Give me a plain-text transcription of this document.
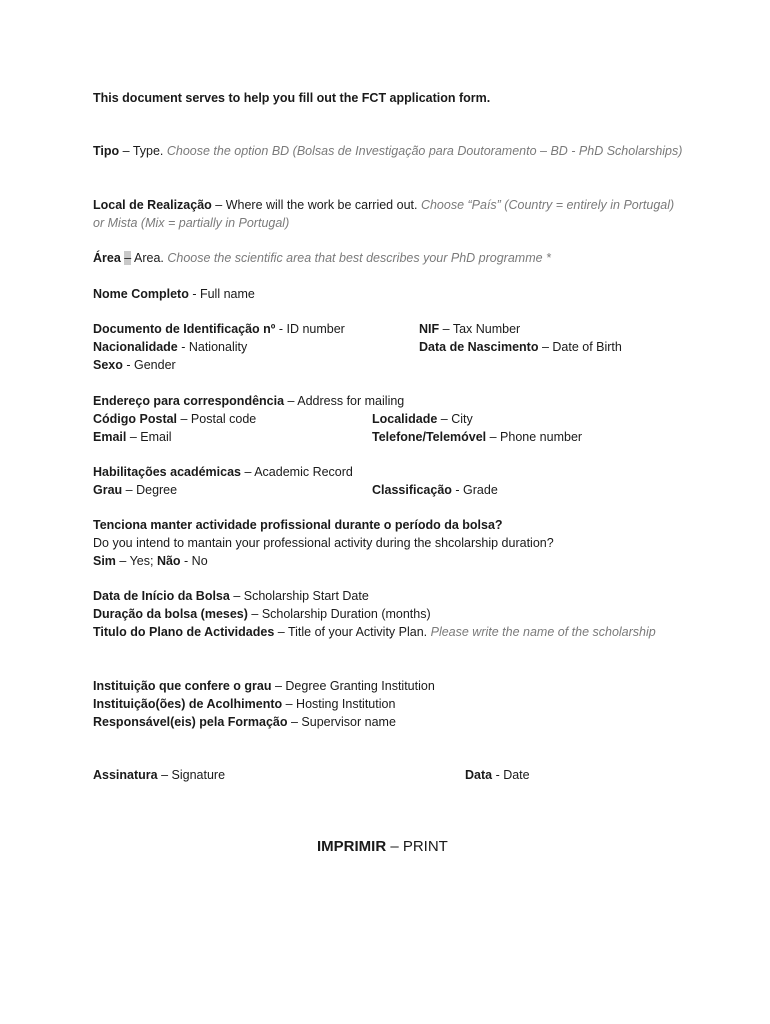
This document serves to help you fill out the FCT application form.
Tipo – Type. Choose the option BD (Bolsas de Investigação para Doutoramento – BD - PhD Scholarships)
Local de Realização – Where will the work be carried out. Choose “País” (Country = entirely in Portugal) or Mista (Mix = partially in Portugal)
Área – Area. Choose the scientific area that best describes your PhD programme *
Nome Completo - Full name
Documento de Identificação nº - ID number	NIF – Tax Number
Nacionalidade - Nationality	Data de Nascimento – Date of Birth
Sexo - Gender
Endereço para correspondência – Address for mailing
Código Postal – Postal code	Localidade – City
Email – Email	Telefone/Telemóvel – Phone number
Habilitações académicas – Academic Record
Grau – Degree	Classificação - Grade
Tenciona manter actividade profissional durante o período da bolsa?
Do you intend to mantain your professional activity during the shcolarship duration?
Sim – Yes; Não - No
Data de Início da Bolsa – Scholarship Start Date
Duração da bolsa (meses) – Scholarship Duration (months)
Titulo do Plano de Actividades – Title of your Activity Plan. Please write the name of the scholarship
Instituição que confere o grau – Degree Granting Institution
Instituição(ões) de Acolhimento – Hosting Institution
Responsável(eis) pela Formação – Supervisor name
Assinatura – Signature	Data - Date
IMPRIMIR – PRINT
